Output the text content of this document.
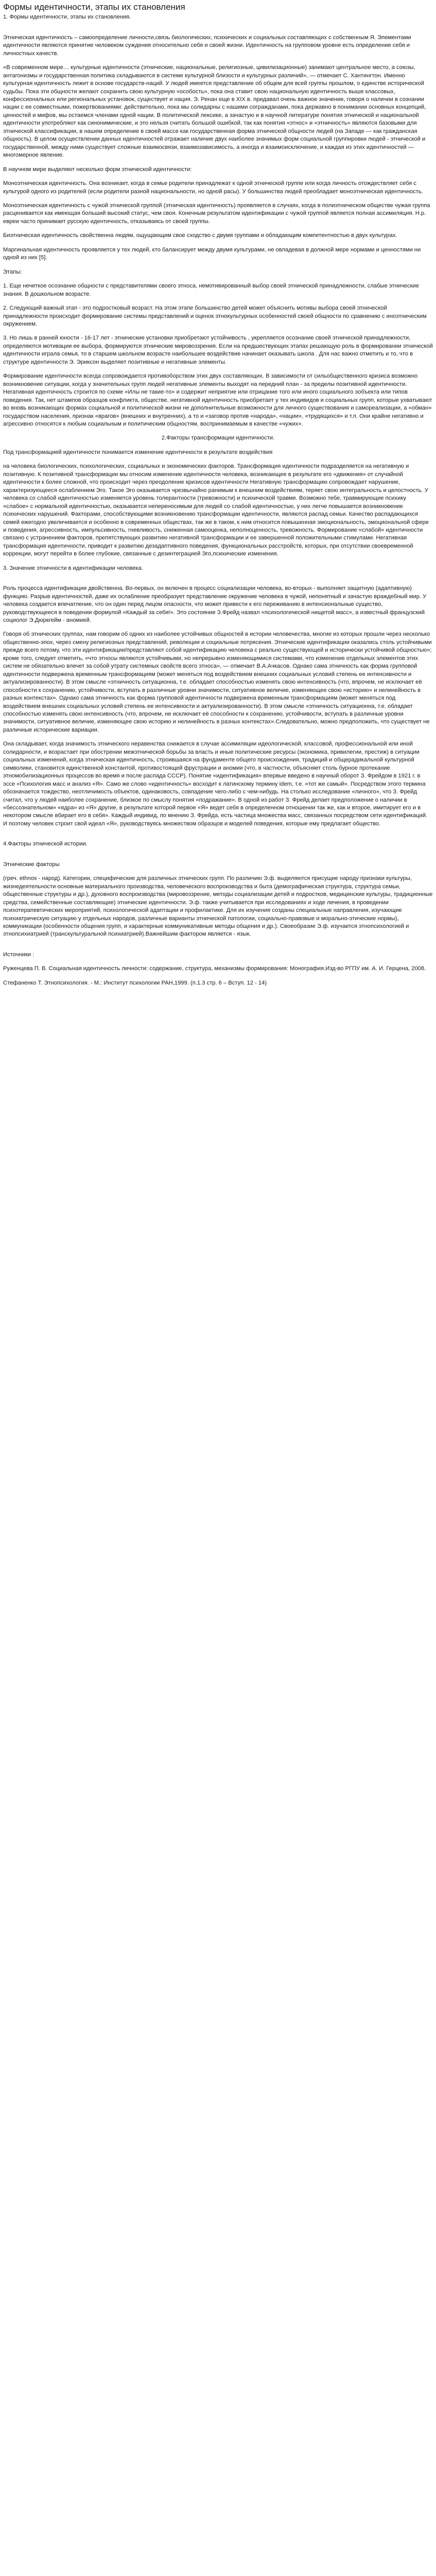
Формы идентичности, этапы их становления

1. Формы идентичности, этапы их становления.

Этническая идентичность – самоопределение личности,связь биологических, психических и социальных составляющих с собственным Я. Элементами идентичности являются принятие человеком суждения относительно себя и своей жизни. Идентичность на групповом уровне есть определение себя и личностных качеств.

«В современном мире… культурные идентичности (этнические, национальные, религиозные, цивилизационные) занимают центральное место, а союзы, антагонизмы и государственная политика складываются в системе культурной близости и культурных различий», — отмечает С. Хантингтон. Именно культурная идентичность лежит в основе государств-наций. У людей имеется представление об общем для всей группы прошлом, о единстве исторической судьбы. Пока эти общности желают сохранить свою культурную «особость», пока она ставит свою национальную идентичность выше классовых, конфессиональных или региональных установок, существует и нация. Э. Ренан еще в XIX в. придавал очень важное значение, говоря о наличии в сознании нации с ее совместными, пожертвованиями: действительно, пока мы солидарны с нашими согражданами, пока державно в понимании основных концепций, ценностей и мифов, мы остаемся членами одной нации. В политической лексике, а зачастую и в научной литературе понятия этнической и национальной идентичности употребляют как синонимические, и это нельзя считать большой ошибкой, так как понятия «этнос» и «этничность» являются базовыми для этнической классификации, в нашем определение в своей массе как государственная форма этнической общности людей (на Западе — как гражданская общность). В целом осуществлении данных идентичностей отражает наличие двух наиболее значимых форм социальной группировки людей - этнической и государственной, между ними существует сложные взаимосвязи, взаимозависимость, а иногда и взаимоисключение, и каждая из этих идентичностей — многомерное явление.

В научном мире выделяют несколько форм этнической идентичности:

Моноэтническая идентичность. Она возникает, когда в семье родители принадлежат к одной этнической группе или когда личность отождествляет себя с культурой одного из родителей (если родители разной национальности, но одной расы). У большинства людей преобладает моноэтническая идентичность.

Моноэтническая идентичность с чужой этнической группой (этническая идентичность) проявляется в случаях, когда в полиэтническом обществе чужая группа расценивается как имеющая больший высокий статус, чем своя. Конечным результатом идентификации с чужой группой является полная ассимиляция. Н.р. евреи часто принимает русскую идентичность, отказываясь от своей группы.

Биэтническая идентичность свойственна людям, ощущающим свое сходство с двумя группами и обладающим компетентностью в двух культурах.

Маргинальная идентичность проявляется у тех людей, кто балансирует между двумя культурами, не овладевая в должной мере нормами и ценностями ни одной из них [5].

Этапы:

1. Еще нечеткое осознание общности с представителями своего этноса, немотивированный выбор своей этнической принадлежности, слабые этнические знания. В дошкольном возрасте.

2. Следующий важный этап - это подростковый возраст. На этом этапе большинство детей может объяснить мотивы выбора своей этнической принадлежности происходит формирование системы представлений и оценок этнокультурных особенностей своей общности по сравнению с иноэтническим окружением.

3. Но лишь в ранней юности - 16-17 лет - этнические установки приобретают устойчивость , укрепляется осознание своей этнической принадлежности, определяются мотивации ее выбора, формируются этнические мировоззрения. Если на предшествующих этапах решающую роль в формировании этнической идентичности играла семья, то в старшем школьном возрасте наибольшее воздействие начинает оказывать школа . Для нас важно отметить и то, что в структуре идентичности Э. Эриксон выделяет позитивные и негативные элементы.

Формирование идентичности всегда сопровождается противоборством этих двух составляющих. В зависимости от сильобщественного кризиса возможно возникновение ситуации, когда у значительных групп людей негативные элементы выходят на передний план - за пределы позитивной идентичности. Негативная идентичность строится по схеме «Илы не такие-то» и содержит неприятие или отрицание того или иного социального эобъекта или типов поведения. Так, нет штампов образцов конфликта, обществе, негативной идентичность приобретает у тех индивидов и социальных групп, которые ухватывают во вновь возникающих формах социальной и политической жизни не дополнительные возможности для личного существования и самореализации, а «обман» государством населения, признак «врагов» (внешних и внутренних), а то и «заговор против «народа», «нации», «трудящихся» и т.п. Они крайне негативно и агрессивно относятся к любым социальным и политическим общностям, воспринимаемым в качестве «чужих».

2.Факторы трансформации идентичности.

Под трансформацией идентичности понимается изменение идентичности в результате воздействия

на человека биологических, психологических, социальных и экономических факторов. Трансформация идентичности подразделяется на негативную и позитивную. К позитивной трансформации мы относим изменение идентичности человека, возникающее в результате его «движения» от случайной идентичности к более сложной, что происходит через преодоление кризисов идентичности Негативную трансформацию сопровождает нарушение, характеризующееся ослаблением Эго. Такое Эго оказывается чрезвычайно ранимым к внешним воздействиям, теряет свою интегральность и целостность. У человека со слабой идентичностью изменяется уровень толерантности (тревожности) и психической травме. Возможно тебе, травмирующие психику «слабое» с нормальной идентичностью, оказывается непереносимым для людей со слабой идентичностью, у них легче повышается возникновение психических нарушений. Факторами, способствующими возникновению трансформации идентичности, являются распад семьи. Качество распадающихся семей ежегодно увеличивается и особенно в современных обществах, так же в таком, к ним относится повышенная эмоциональность, эмоциональной сфере и поведения, агрессивность, импульсивность, гневливость, сниженная самооценка, неполноценность, тревожность. Формирование «слабой» идентичности связано с устранением факторов, препятствующих развитию негативной трансформации и ее завершенной положительными стимулами. Негативная трансформация идентичности, приводит к развитию дезадаптивного поведения, функциональных расстройств, которых, при отсутствии своевременной коррекции, могут перейти в более глубокие, связанные с дезинтеграцией Эго,психические изменения.

3. Значение этничности в идентификации человека.

Роль процесса идентификации двойственна. Во-первых, он включен в процесс социализации человека, во-вторых - выполняет защитную (адаптивную) функцию. Разрыв идентичностей, даже их ослабление преобразует представление окружение человека в чужой, непонятный и зачастую враждебный мир. У человека создается впечатление, что он один перед лицом опасности, что может привести к его переживанию в интенсиональные существо, руководствующееся в поведении формулой «Каждый за себя!». Это состояние З.Фрейд назвал «психологической нищетой масс», а известный французский социолог Э.Дюркгейм - аномией.

Говоря об этнических группах, нам говорим об одних из наиболее устойчивых общностей в истории человечества, многие из которых прошли через несколько общественно-эпох, через смену религиозных представлений, революции и социальные потрясения. Этнические идентификации оказались столь устойчивыми прежде всего потому, что эти идентификации/представляют собой идентификацию человека с реально существующей и исторически устойчивой общностью»; кроме того, следует отметить, «что этносы являются устойчивыми, но непрерывно изменяющимися системами, что изменение отдельных элементов этих систем не обязательно влечет за собой утрату системных свойств всего этноса», — отмечает В.А.Ачкасов. Однако сама этничность как форма групповой идентичности подвержена временным трансформациям (может меняться под воздействием внешних социальных условий степень ее интенсивности и актуализированности). В этом смысле «этничность ситуационна, т.е. обладает способностью изменять свою интенсивность (что, впрочем, не исключает её способности к сохранению, устойчивости, вступать в различные уровни значимости, ситуативное величие, изменяющее свою «историю» и нелинейность в разных контекстах». Однако сама этничность как форма групповой идентичности подвержена временным трансформациям (может меняться под воздействием внешних социальных условий степень ее интенсивности и актуализированности). В этом смысле «этничность ситуационна, т.е. обладает способностью изменять свою интенсивность (что, впрочем, не исключает её способности к сохранению, устойчивости, вступать в различные уровни значимости, ситуативное величие, изменяющее свою историю и нелинейность в разных контекстах».Следовательно, можно предположить, что существует не различные исторические вариации.

Она складывает, когда значимость этнического неравенства снижается в случае ассимиляции идеологической, классовой, профессиональной или иной солидарности, и возрастает при обострении межэтнической борьбы за власть и иные политические ресурсы (экономика, привилегии, престиж) в ситуации социальных изменений, когда этническая идентичность, строившаяся на фундаменте общего происхождения, традиций и общерадикальной культурной символики, становится единственной константой, противостоящей фрустрации и аномии (что, в частности, объясняет столь бурное протекание этномобилизационных процессов во время и после распада СССР). Понятие «идентификация» впервые введено в научный оборот З. Фрейдом в 1921 г. в эссе «Психология масс и анализ «Я». Само же слово «идентичность» восходит к латинскому термину idem, т.е. «тот же самый». Посредством этого термина обозначается тождество, неотличимость объектов, одинаковость, совпадение чего-либо с чем-нибудь. На столько исследование «личного», что З. Фрейд считал, что у людей наиболее сохранение, близкое по смыслу понятия «подражание». В одной из работ З. Фрейд делает предположение о наличии в «бессознательном» «ядра» из «Я» другие, в результате которой первое «Я» ведет себя в определенном отношении так же, как и второе, имитирует его и в некотором смысле вбирает его в себя». Каждый индивид, по мнению З. Фрейда, есть частица множества масс, связанных посредством сети идентификаций. И поэтому человек строит свой идеал «Я», руководствуясь множеством образцов и моделей поведения, которые ему предлагает общество.

4.Факторы этнической истории.

Этнические факторы

(греч. ethnos - народ). Категории, специфические для различных этнических групп. По различию Э.ф. выделяются присущие народу признаки культуры, жизнедеятельности основные материального производства, человеческого воспроизводства и быта (демографическая структура, структура семьи, общественные структуры и др.), духовного воспроизводства (мировоззрение, методы социализации детей и подростков, медицинские культуры, традиционные средства, семейственные составляющие) этнические идентичности. Э.ф. также учитывается при исследованиях и ходе лечения, в проведении психотерапевтических мероприятий, психологической адаптации и профилактике. Для их изучения созданы специальные направления, изучающие психиатрическую ситуацию у отдельных народов, различные варианты этнической патологии, социально-правовые и морально-этические нормы), коммуникации (особенности общения групп, и характерные коммуникативные методы общения и др.). Своеобразие Э.ф. изучается этнопсихологией и этнопсихиатрией (транскультуральной психиатрией).Важнейшим фактором является - язык.

Источники :

Руженцева П. В. Социальная идентичность личности: содержание, структура, механизмы формирования: Монография.Изд-во РГПУ им. А. И. Герцена, 2008.

Стефаненко Т. Этнопсихология. - М.: Институт психологии РАН,1999. (п.1.3 стр. 6 – Вступ. 12 - 14)
